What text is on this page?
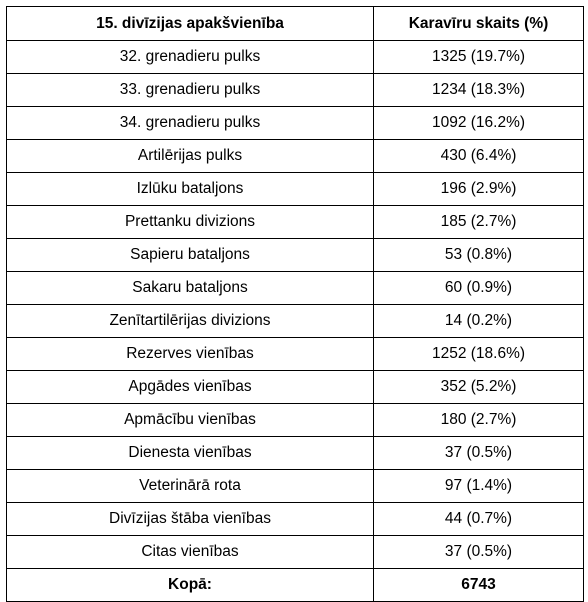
15. divīzijas apakšvienība	Karavīru skaits (%)
32. grenadieru pulks	1325 (19.7%)
33. grenadieru pulks	1234 (18.3%)
34. grenadieru pulks	1092 (16.2%)
Artilērijas pulks	430 (6.4%)
Izlūku bataljons	196 (2.9%)
Prettanku divizions	185 (2.7%)
Sapieru bataljons	53 (0.8%)
Sakaru bataljons	60 (0.9%)
Zenītartilērijas divizions	14 (0.2%)
Rezerves vienības	1252 (18.6%)
Apgādes vienības	352 (5.2%)
Apmācību vienības	180 (2.7%)
Dienesta vienības	37 (0.5%)
Veterinārā rota	97 (1.4%)
Divīzijas štāba vienības	44 (0.7%)
Citas vienības	37 (0.5%)
Kopā:	6743
